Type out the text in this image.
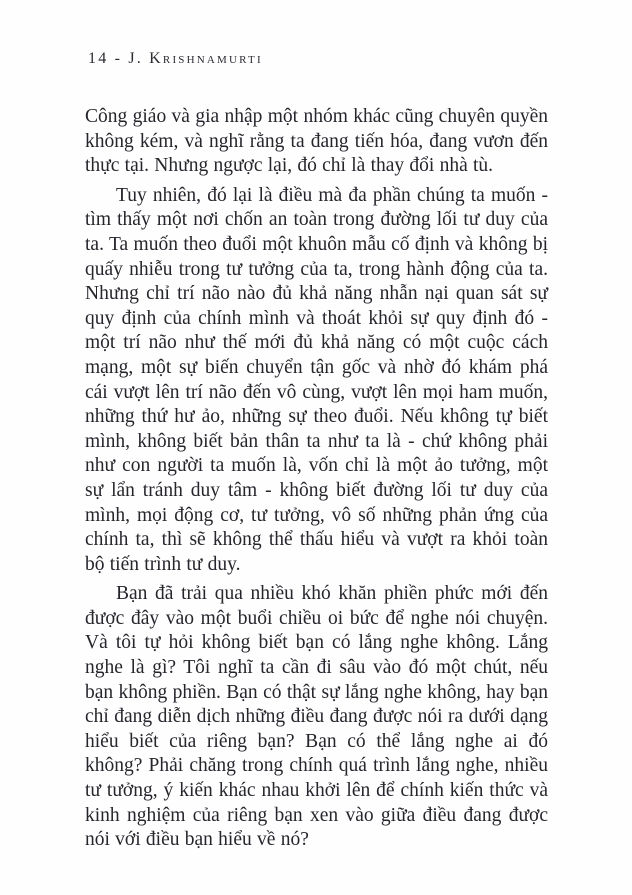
14 - J. Krishnamurti

Công giáo và gia nhập một nhóm khác cũng chuyên quyền không kém, và nghĩ rằng ta đang tiến hóa, đang vươn đến thực tại. Nhưng ngược lại, đó chỉ là thay đổi nhà tù.

Tuy nhiên, đó lại là điều mà đa phần chúng ta muốn - tìm thấy một nơi chốn an toàn trong đường lối tư duy của ta. Ta muốn theo đuổi một khuôn mẫu cố định và không bị quấy nhiễu trong tư tưởng của ta, trong hành động của ta. Nhưng chỉ trí não nào đủ khả năng nhẫn nại quan sát sự quy định của chính mình và thoát khỏi sự quy định đó - một trí não như thế mới đủ khả năng có một cuộc cách mạng, một sự biến chuyển tận gốc và nhờ đó khám phá cái vượt lên trí não đến vô cùng, vượt lên mọi ham muốn, những thứ hư ảo, những sự theo đuổi. Nếu không tự biết mình, không biết bản thân ta như ta là - chứ không phải như con người ta muốn là, vốn chỉ là một ảo tưởng, một sự lẩn tránh duy tâm - không biết đường lối tư duy của mình, mọi động cơ, tư tưởng, vô số những phản ứng của chính ta, thì sẽ không thể thấu hiểu và vượt ra khỏi toàn bộ tiến trình tư duy.

Bạn đã trải qua nhiều khó khăn phiền phức mới đến được đây vào một buổi chiều oi bức để nghe nói chuyện. Và tôi tự hỏi không biết bạn có lắng nghe không. Lắng nghe là gì? Tôi nghĩ ta cần đi sâu vào đó một chút, nếu bạn không phiền. Bạn có thật sự lắng nghe không, hay bạn chỉ đang diễn dịch những điều đang được nói ra dưới dạng hiểu biết của riêng bạn? Bạn có thể lắng nghe ai đó không? Phải chăng trong chính quá trình lắng nghe, nhiều tư tưởng, ý kiến khác nhau khởi lên để chính kiến thức và kinh nghiệm của riêng bạn xen vào giữa điều đang được nói với điều bạn hiểu về nó?
